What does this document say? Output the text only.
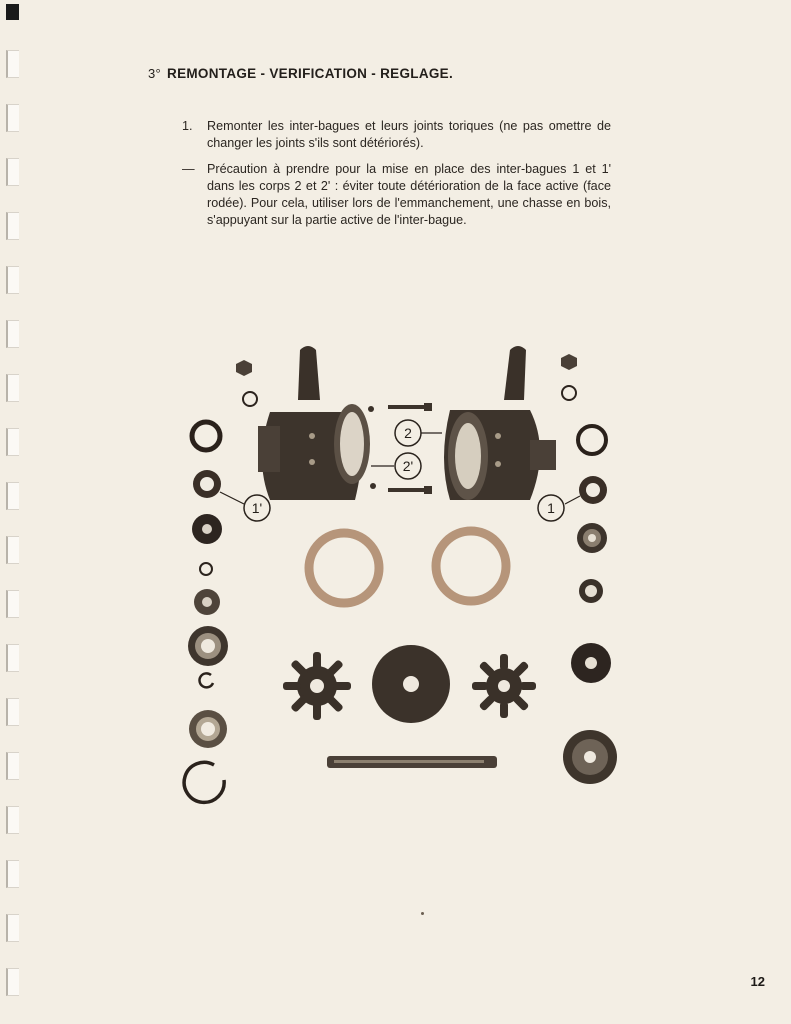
3° REMONTAGE - VERIFICATION - REGLAGE.
1. Remonter les inter-bagues et leurs joints toriques (ne pas omettre de changer les joints s'ils sont détériorés).
— Précaution à prendre pour la mise en place des inter-bagues 1 et 1' dans les corps 2 et 2' : éviter toute détérioration de la face active (face rodée). Pour cela, utiliser lors de l'emmanchement, une chasse en bois, s'appuyant sur la partie active de l'inter-bague.
1'
2
2'
1
12
